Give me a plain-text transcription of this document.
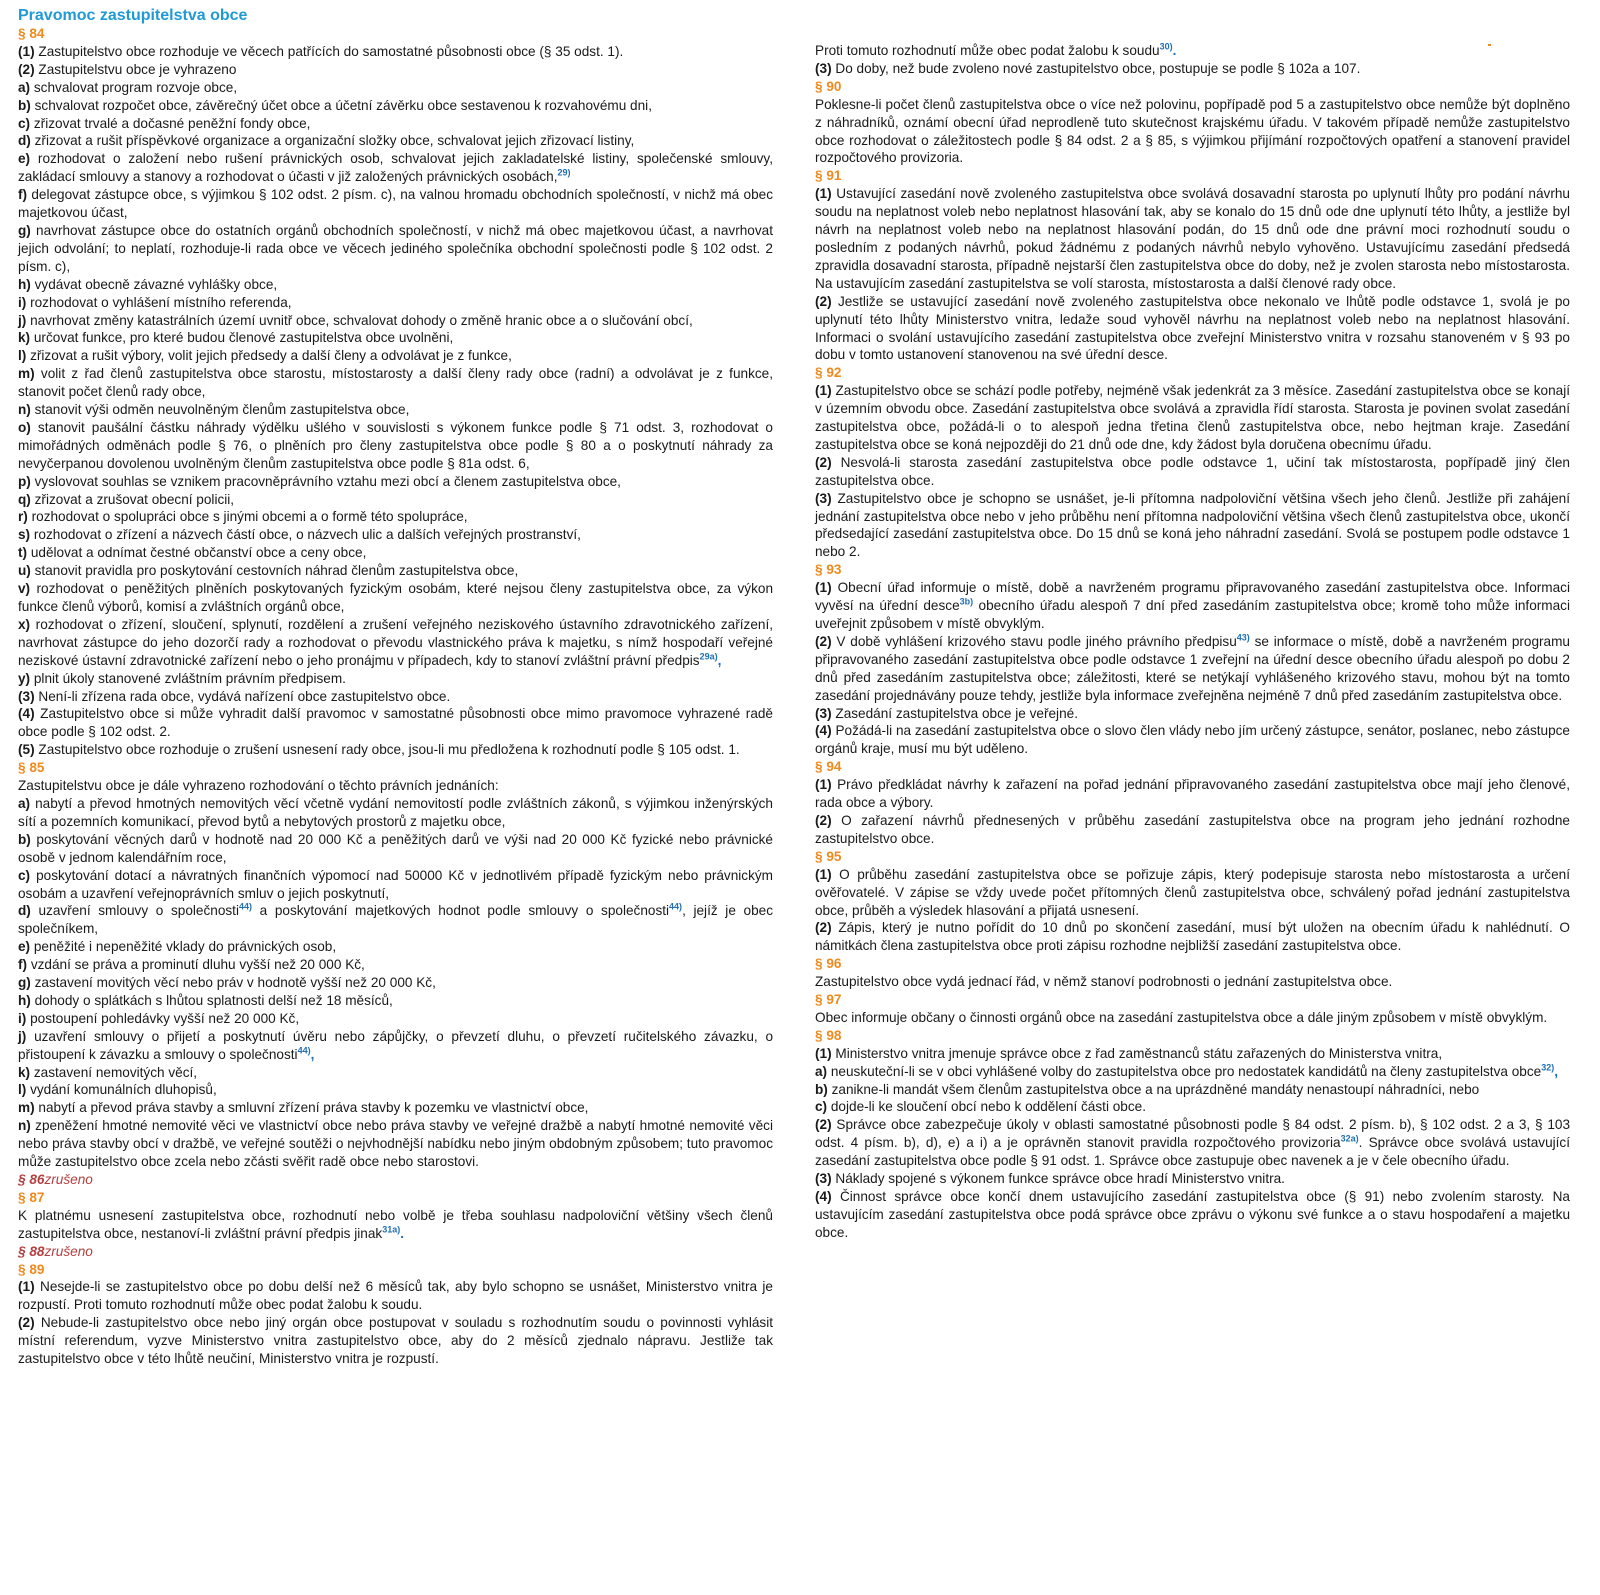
Pravomoc zastupitelstva obce
§ 84

(1) Zastupitelstvo obce rozhoduje ve věcech patřících do samostatné působnosti obce (§ 35 odst. 1).

(2) Zastupitelstvu obce je vyhrazeno

a) schvalovat program rozvoje obce,

b) schvalovat rozpočet obce, závěrečný účet obce a účetní závěrku obce sestavenou k rozvahovému dni,

c) zřizovat trvalé a dočasné peněžní fondy obce,

d) zřizovat a rušit příspěvkové organizace a organizační složky obce, schvalovat jejich zřizovací listiny,

e) rozhodovat o založení nebo rušení právnických osob, schvalovat jejich zakladatelské listiny, společenské smlouvy, zakládací smlouvy a stanovy a rozhodovat o účasti v již založených právnických osobách,$^{29)}$

f) delegovat zástupce obce, s výjimkou § 102 odst. 2 písm. c), na valnou hromadu obchodních společností, v nichž má obec majetkovou účast,

g) navrhovat zástupce obce do ostatních orgánů obchodních společností, v nichž má obec majetkovou účast, a navrhovat jejich odvolání; to neplatí, rozhoduje-li rada obce ve věcech jediného společníka obchodní společnosti podle § 102 odst. 2 písm. c),

h) vydávat obecně závazné vyhlášky obce,

i) rozhodovat o vyhlášení místního referenda,

j) navrhovat změny katastrálních území uvnitř obce, schvalovat dohody o změně hranic obce a o slučování obcí,

k) určovat funkce, pro které budou členové zastupitelstva obce uvolněni,

l) zřizovat a rušit výbory, volit jejich předsedy a další členy a odvolávat je z funkce,

m) volit z řad členů zastupitelstva obce starostu, místostarosty a další členy rady obce (radní) a odvolávat je z funkce, stanovit počet členů rady obce,

n) stanovit výši odměn neuvolněným členům zastupitelstva obce,

o) stanovit paušální částku náhrady výdělku ušlého v souvislosti s výkonem funkce podle § 71 odst. 3, rozhodovat o mimořádných odměnách podle § 76, o plněních pro členy zastupitelstva obce podle § 80 a o poskytnutí náhrady za nevyčerpanou dovolenou uvolněným členům zastupitelstva obce podle § 81a odst. 6,

p) vyslovovat souhlas se vznikem pracovněprávního vztahu mezi obcí a členem zastupitelstva obce,

q) zřizovat a zrušovat obecní policii,

r) rozhodovat o spolupráci obce s jinými obcemi a o formě této spolupráce,

s) rozhodovat o zřízení a názvech částí obce, o názvech ulic a dalších veřejných prostranství,

t) udělovat a odnímat čestné občanství obce a ceny obce,

u) stanovit pravidla pro poskytování cestovních náhrad členům zastupitelstva obce,

v) rozhodovat o peněžitých plněních poskytovaných fyzickým osobám, které nejsou členy zastupitelstva obce, za výkon funkce členů výborů, komisí a zvláštních orgánů obce,

x) rozhodovat o zřízení, sloučení, splynutí, rozdělení a zrušení veřejného neziskového ústavního zdravotnického zařízení, navrhovat zástupce do jeho dozorčí rady a rozhodovat o převodu vlastnického práva k majetku, s nímž hospodaří veřejné neziskové ústavní zdravotnické zařízení nebo o jeho pronájmu v případech, kdy to stanoví zvláštní právní předpis$^{29a)}$,

y) plnit úkoly stanovené zvláštním právním předpisem.

(3) Není-li zřízena rada obce, vydává nařízení obce zastupitelstvo obce.

(4) Zastupitelstvo obce si může vyhradit další pravomoc v samostatné působnosti obce mimo pravomoce vyhrazené radě obce podle § 102 odst. 2.

(5) Zastupitelstvo obce rozhoduje o zrušení usnesení rady obce, jsou-li mu předložena k rozhodnutí podle § 105 odst. 1.

§ 85

Zastupitelstvu obce je dále vyhrazeno rozhodování o těchto právních jednáních:

a) nabytí a převod hmotných nemovitých věcí včetně vydání nemovitostí podle zvláštních zákonů, s výjimkou inženýrských sítí a pozemních komunikací, převod bytů a nebytových prostorů z majetku obce,

b) poskytování věcných darů v hodnotě nad 20 000 Kč a peněžitých darů ve výši nad 20 000 Kč fyzické nebo právnické osobě v jednom kalendářním roce,

c) poskytování dotací a návratných finančních výpomocí nad 50000 Kč v jednotlivém případě fyzickým nebo právnickým osobám a uzavření veřejnoprávních smluv o jejich poskytnutí,

d) uzavření smlouvy o společnosti$^{44)}$ a poskytování majetkových hodnot podle smlouvy o společnosti$^{44)}$, jejíž je obec společníkem,

e) peněžité i nepeněžité vklady do právnických osob,

f) vzdání se práva a prominutí dluhu vyšší než 20 000 Kč,

g) zastavení movitých věcí nebo práv v hodnotě vyšší než 20 000 Kč,

h) dohody o splátkách s lhůtou splatnosti delší než 18 měsíců,

i) postoupení pohledávky vyšší než 20 000 Kč,

j) uzavření smlouvy o přijetí a poskytnutí úvěru nebo zápůjčky, o převzetí dluhu, o převzetí ručitelského závazku, o přistoupení k závazku a smlouvy o společnosti$^{44)}$,

k) zastavení nemovitých věcí,

l) vydání komunálních dluhopisů,

m) nabytí a převod práva stavby a smluvní zřízení práva stavby k pozemku ve vlastnictví obce,

n) zpeněžení hmotné nemovité věci ve vlastnictví obce nebo práva stavby ve veřejné dražbě a nabytí hmotné nemovité věci nebo práva stavby obcí v dražbě, ve veřejné soutěži o nejvhodnější nabídku nebo jiným obdobným způsobem; tuto pravomoc může zastupitelstvo obce zcela nebo zčásti svěřit radě obce nebo starostovi.

§ 86zrušeno
§ 87

K platnému usnesení zastupitelstva obce, rozhodnutí nebo volbě je třeba souhlasu nadpoloviční většiny všech členů zastupitelstva obce, nestanoví-li zvláštní právní předpis jinak$^{31a)}$.

§ 88zrušeno
§ 89

(1) Nesejde-li se zastupitelstvo obce po dobu delší než 6 měsíců tak, aby bylo schopno se usnášet, Ministerstvo vnitra je rozpustí. Proti tomuto rozhodnutí může obec podat žalobu k soudu.

(2) Nebude-li zastupitelstvo obce nebo jiný orgán obce postupovat v souladu s rozhodnutím soudu o povinnosti vyhlásit místní referendum, vyzve Ministerstvo vnitra zastupitelstvo obce, aby do 2 měsíců zjednalo nápravu. Jestliže tak zastupitelstvo obce v této lhůtě neučiní, Ministerstvo vnitra je rozpustí.

Proti tomuto rozhodnutí může obec podat žalobu k soudu$^{30)}$.

(3) Do doby, než bude zvoleno nové zastupitelstvo obce, postupuje se podle § 102a a 107.

§ 90

Poklesne-li počet členů zastupitelstva obce o více než polovinu, popřípadě pod 5 a zastupitelstvo obce nemůže být doplněno z náhradníků, oznámí obecní úřad neprodleně tuto skutečnost krajskému úřadu. V takovém případě nemůže zastupitelstvo obce rozhodovat o záležitostech podle § 84 odst. 2 a § 85, s výjimkou přijímání rozpočtových opatření a stanovení pravidel rozpočtového provizoria.

§ 91

(1) Ustavující zasedání nově zvoleného zastupitelstva obce svolává dosavadní starosta po uplynutí lhůty pro podání návrhu soudu na neplatnost voleb nebo neplatnost hlasování tak, aby se konalo do 15 dnů ode dne uplynutí této lhůty, a jestliže byl návrh na neplatnost voleb nebo na neplatnost hlasování podán, do 15 dnů ode dne právní moci rozhodnutí soudu o posledním z podaných návrhů, pokud žádnému z podaných návrhů nebylo vyhověno. Ustavujícímu zasedání předsedá zpravidla dosavadní starosta, případně nejstarší člen zastupitelstva obce do doby, než je zvolen starosta nebo místostarosta. Na ustavujícím zasedání zastupitelstva se volí starosta, místostarosta a další členové rady obce.

(2) Jestliže se ustavující zasedání nově zvoleného zastupitelstva obce nekonalo ve lhůtě podle odstavce 1, svolá je po uplynutí této lhůty Ministerstvo vnitra, ledaže soud vyhověl návrhu na neplatnost voleb nebo na neplatnost hlasování. Informaci o svolání ustavujícího zasedání zastupitelstva obce zveřejní Ministerstvo vnitra v rozsahu stanoveném v § 93 po dobu v tomto ustanovení stanovenou na své úřední desce.

§ 92

(1) Zastupitelstvo obce se schází podle potřeby, nejméně však jedenkrát za 3 měsíce. Zasedání zastupitelstva obce se konají v územním obvodu obce. Zasedání zastupitelstva obce svolává a zpravidla řídí starosta. Starosta je povinen svolat zasedání zastupitelstva obce, požádá-li o to alespoň jedna třetina členů zastupitelstva obce, nebo hejtman kraje. Zasedání zastupitelstva obce se koná nejpozději do 21 dnů ode dne, kdy žádost byla doručena obecnímu úřadu.

(2) Nesvolá-li starosta zasedání zastupitelstva obce podle odstavce 1, učiní tak místostarosta, popřípadě jiný člen zastupitelstva obce.

(3) Zastupitelstvo obce je schopno se usnášet, je-li přítomna nadpoloviční většina všech jeho členů. Jestliže při zahájení jednání zastupitelstva obce nebo v jeho průběhu není přítomna nadpoloviční většina všech členů zastupitelstva obce, ukončí předsedající zasedání zastupitelstva obce. Do 15 dnů se koná jeho náhradní zasedání. Svolá se postupem podle odstavce 1 nebo 2.

§ 93

(1) Obecní úřad informuje o místě, době a navrženém programu připravovaného zasedání zastupitelstva obce. Informaci vyvěsí na úřední desce$^{3b)}$ obecního úřadu alespoň 7 dní před zasedáním zastupitelstva obce; kromě toho může informaci uveřejnit způsobem v místě obvyklým.

(2) V době vyhlášení krizového stavu podle jiného právního předpisu$^{43)}$ se informace o místě, době a navrženém programu připravovaného zasedání zastupitelstva obce podle odstavce 1 zveřejní na úřední desce obecního úřadu alespoň po dobu 2 dnů před zasedáním zastupitelstva obce; záležitosti, které se netýkají vyhlášeného krizového stavu, mohou být na tomto zasedání projednávány pouze tehdy, jestliže byla informace zveřejněna nejméně 7 dnů před zasedáním zastupitelstva obce.

(3) Zasedání zastupitelstva obce je veřejné.

(4) Požádá-li na zasedání zastupitelstva obce o slovo člen vlády nebo jím určený zástupce, senátor, poslanec, nebo zástupce orgánů kraje, musí mu být uděleno.

§ 94

(1) Právo předkládat návrhy k zařazení na pořad jednání připravovaného zasedání zastupitelstva obce mají jeho členové, rada obce a výbory.

(2) O zařazení návrhů přednesených v průběhu zasedání zastupitelstva obce na program jeho jednání rozhodne zastupitelstvo obce.

§ 95

(1) O průběhu zasedání zastupitelstva obce se pořizuje zápis, který podepisuje starosta nebo místostarosta a určení ověřovatelé. V zápise se vždy uvede počet přítomných členů zastupitelstva obce, schválený pořad jednání zastupitelstva obce, průběh a výsledek hlasování a přijatá usnesení.

(2) Zápis, který je nutno pořídit do 10 dnů po skončení zasedání, musí být uložen na obecním úřadu k nahlédnutí. O námitkách člena zastupitelstva obce proti zápisu rozhodne nejbližší zasedání zastupitelstva obce.

§ 96

Zastupitelstvo obce vydá jednací řád, v němž stanoví podrobnosti o jednání zastupitelstva obce.

§ 97

Obec informuje občany o činnosti orgánů obce na zasedání zastupitelstva obce a dále jiným způsobem v místě obvyklým.

§ 98

(1) Ministerstvo vnitra jmenuje správce obce z řad zaměstnanců státu zařazených do Ministerstva vnitra,

a) neuskuteční-li se v obci vyhlášené volby do zastupitelstva obce pro nedostatek kandidátů na členy zastupitelstva obce$^{32)}$,

b) zanikne-li mandát všem členům zastupitelstva obce a na uprázdněné mandáty nenastoupí náhradníci, nebo

c) dojde-li ke sloučení obcí nebo k oddělení části obce.

(2) Správce obce zabezpečuje úkoly v oblasti samostatné působnosti podle § 84 odst. 2 písm. b), § 102 odst. 2 a 3, § 103 odst. 4 písm. b), d), e) a i) a je oprávněn stanovit pravidla rozpočtového provizoria$^{32a)}$. Správce obce svolává ustavující zasedání zastupitelstva obce podle § 91 odst. 1. Správce obce zastupuje obec navenek a je v čele obecního úřadu.

(3) Náklady spojené s výkonem funkce správce obce hradí Ministerstvo vnitra.

(4) Činnost správce obce končí dnem ustavujícího zasedání zastupitelstva obce (§ 91) nebo zvolením starosty. Na ustavujícím zasedání zastupitelstva obce podá správce obce zprávu o výkonu své funkce a o stavu hospodaření a majetku obce.
